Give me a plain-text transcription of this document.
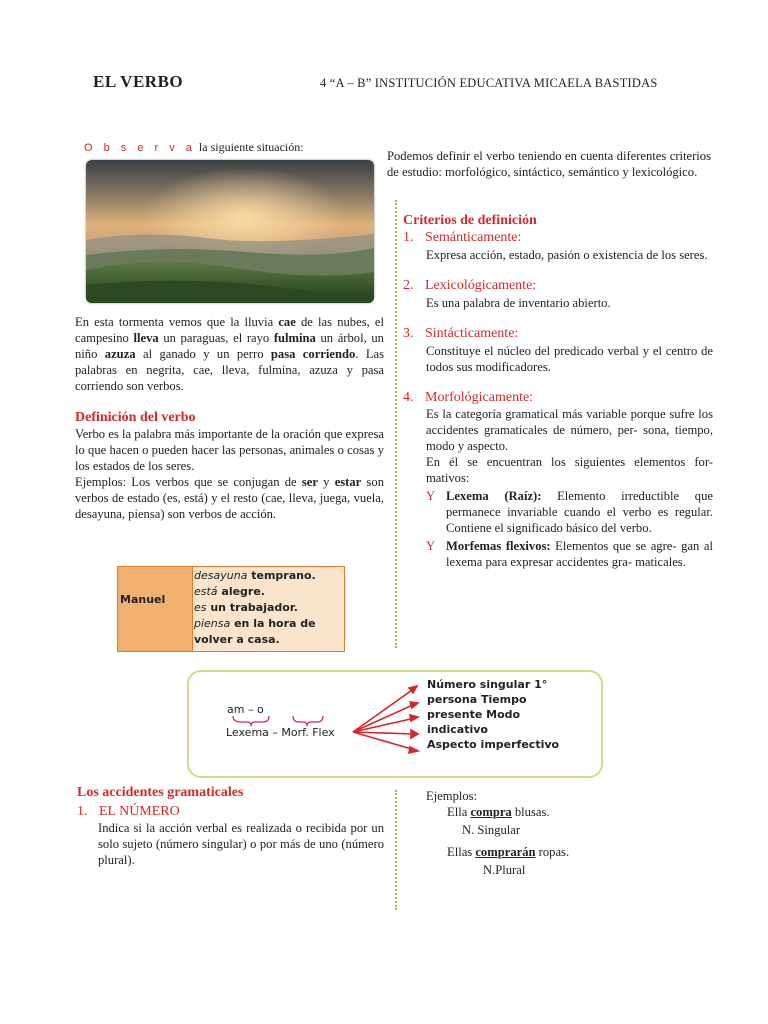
EL VERBO	4 “A – B” INSTITUCIÓN EDUCATIVA MICAELA BASTIDAS
O b s e r v a la siguiente situación:
En esta tormenta vemos que la lluvia cae de las nubes, el campesino lleva un paraguas, el rayo fulmina un árbol, un niño azuza al ganado y un perro pasa corriendo. Las palabras en negrita, cae, lleva, fulmina, azuza y pasa corriendo son verbos.
Definición del verbo
Verbo es la palabra más importante de la oración que expresa lo que hacen o pueden hacer las personas, animales o cosas y los estados de los seres.
Ejemplos: Los verbos que se conjugan de ser y estar son verbos de estado (es, está) y el resto (cae, lleva, juega, vuela, desayuna, piensa) son verbos de acción.
Manuel
desayuna temprano.
está alegre.
es un trabajador.
piensa en la hora de
volver a casa.
Podemos definir el verbo teniendo en cuenta diferentes criterios de estudio: morfológico, sintáctico, semántico y lexicológico.
Criterios de definición
1. Semánticamente:
Expresa acción, estado, pasión o existencia de los seres.
2. Lexicológicamente:
Es una palabra de inventario abierto.
3. Sintácticamente:
Constituye el núcleo del predicado verbal y el centro de todos sus modificadores.
4. Morfológicamente:
Es la categoría gramatical más variable porque sufre los accidentes gramaticales de número, per- sona, tiempo, modo y aspecto.
En él se encuentran los siguientes elementos for- mativos:
Y Lexema (Raíz): Elemento irreductible que permanece invariable cuando el verbo es regular. Contiene el significado básico del verbo.
Y Morfemas flexivos: Elementos que se agre- gan al lexema para expresar accidentes gra- maticales.
am – o
Lexema – Morf. Flex
Número singular 1°
persona Tiempo
presente Modo
indicativo
Aspecto imperfectivo
Los accidentes gramaticales
1. EL NÚMERO
Indica si la acción verbal es realizada o recibida por un solo sujeto (número singular) o por más de uno (número plural).
Ejemplos:
Ella compra blusas.
N. Singular
Ellas comprarán ropas.
N.Plural
